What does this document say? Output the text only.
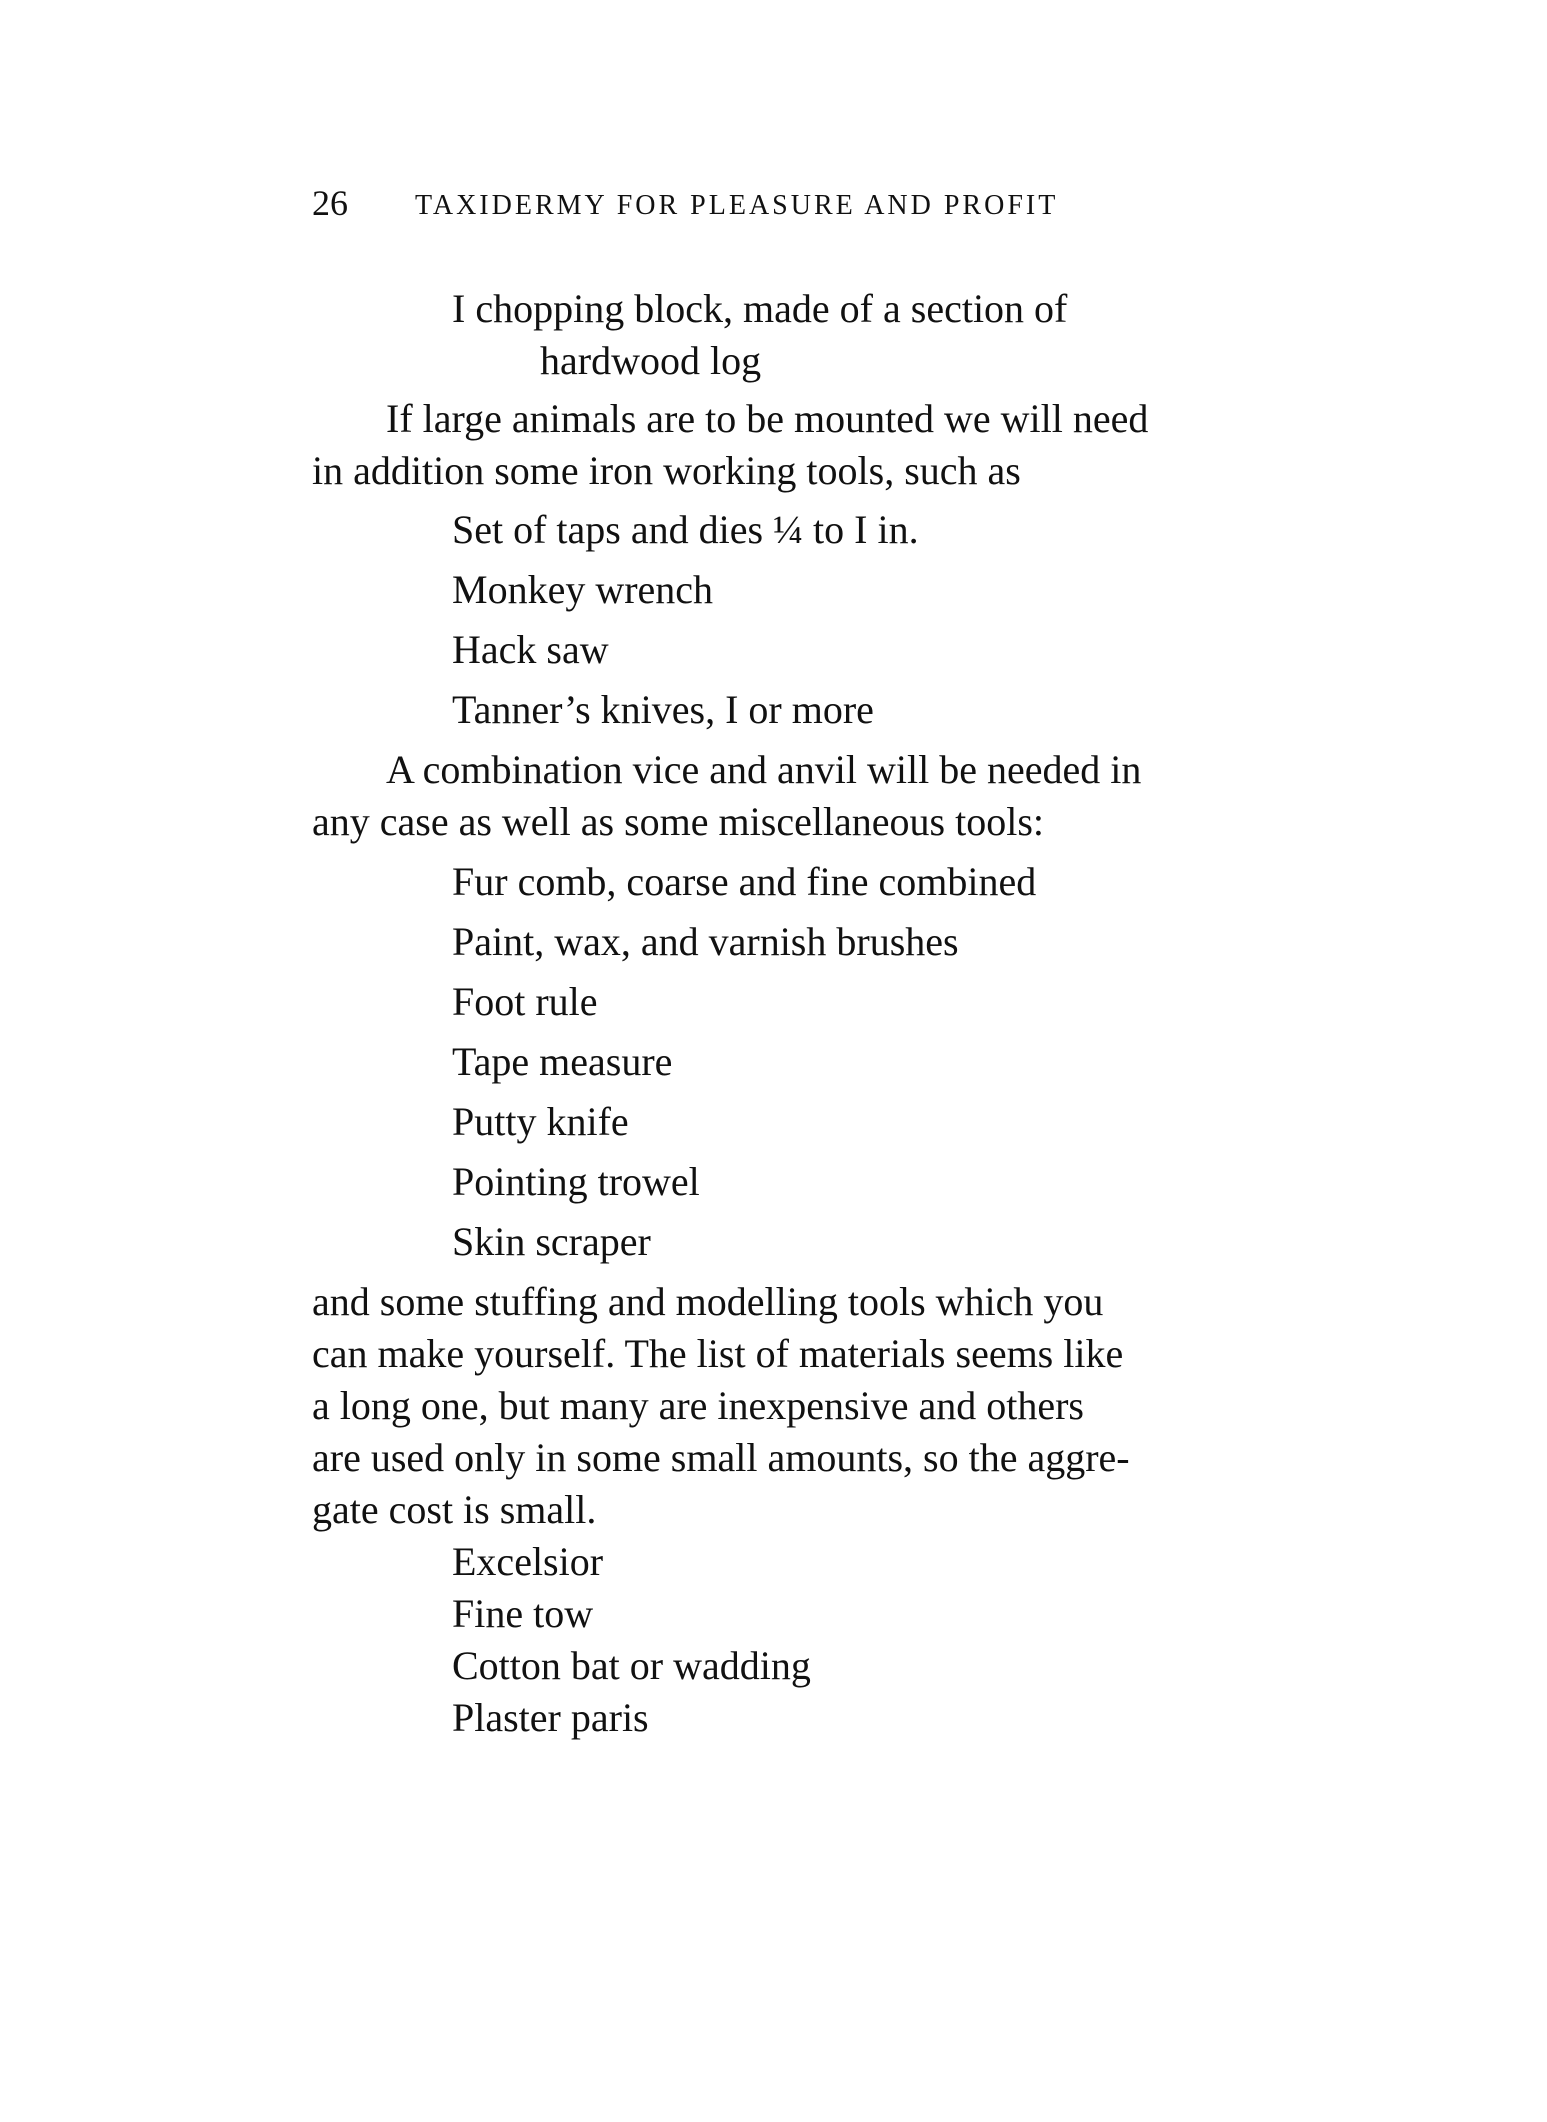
26 TAXIDERMY FOR PLEASURE AND PROFIT
I chopping block, made of a section of
hardwood log
If large animals are to be mounted we will need
in addition some iron working tools, such as
Set of taps and dies ¼ to I in.
Monkey wrench
Hack saw
Tanner’s knives, I or more
A combination vice and anvil will be needed in
any case as well as some miscellaneous tools:
Fur comb, coarse and fine combined
Paint, wax, and varnish brushes
Foot rule
Tape measure
Putty knife
Pointing trowel
Skin scraper
and some stuffing and modelling tools which you
can make yourself. The list of materials seems like
a long one, but many are inexpensive and others
are used only in some small amounts, so the aggre-
gate cost is small.
Excelsior
Fine tow
Cotton bat or wadding
Plaster paris
